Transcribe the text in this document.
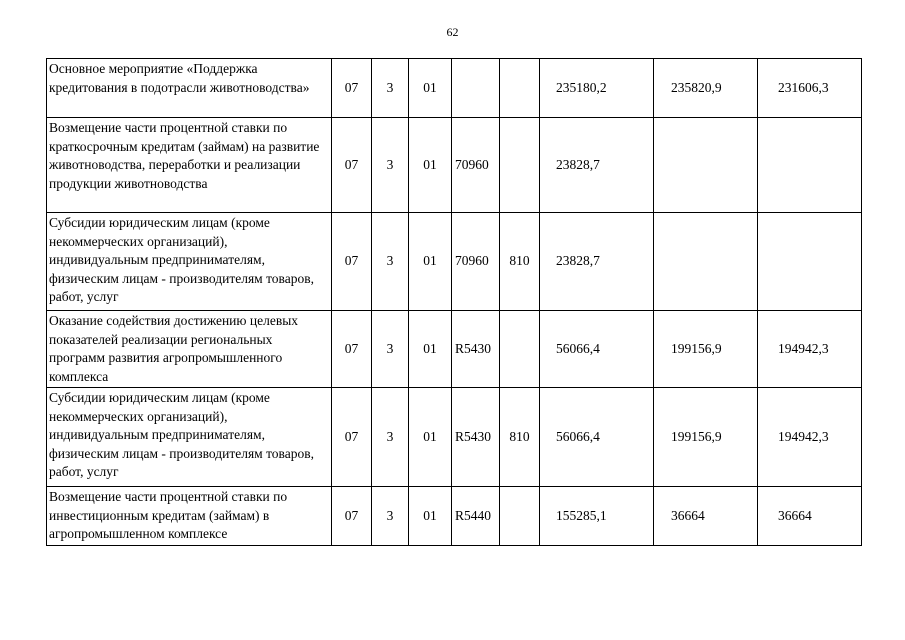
62
Основное мероприятие «Поддержка кредитования в подотрасли животноводства»	07	3	01			235180,2	235820,9	231606,3
Возмещение части процентной ставки по краткосрочным кредитам (займам) на развитие животноводства, переработки и реализации продукции животноводства	07	3	01	70960		23828,7		
Субсидии юридическим лицам (кроме некоммерческих организаций), индивидуальным предпринимателям, физическим лицам - производителям товаров, работ, услуг	07	3	01	70960	810	23828,7		
Оказание содействия достижению целевых показателей реализации региональных программ развития агропромышленного комплекса	07	3	01	R5430		56066,4	199156,9	194942,3
Субсидии юридическим лицам (кроме некоммерческих организаций), индивидуальным предпринимателям, физическим лицам - производителям товаров, работ, услуг	07	3	01	R5430	810	56066,4	199156,9	194942,3
Возмещение части процентной ставки по инвестиционным кредитам (займам) в агропромышленном комплексе	07	3	01	R5440		155285,1	36664	36664
